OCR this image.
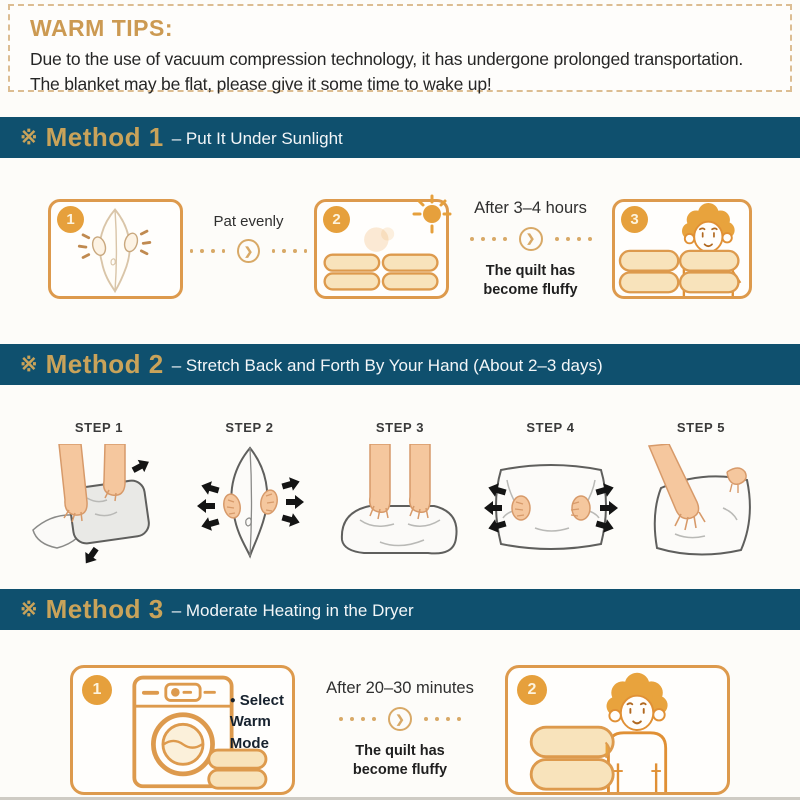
WARM TIPS:
Due to the use of vacuum compression technology, it has undergone prolonged transportation.
The blanket may be flat, please give it some time to wake up!
※ Method 1 – Put It Under Sunlight
1	Pat evenly
❯
2
After 3–4 hours
❯
The quilt has
become fluffy
3
※ Method 2 – Stretch Back and Forth By Your Hand (About 2–3 days)
STEP 1	STEP 2	STEP 3	STEP 4	STEP 5
※ Method 3 – Moderate Heating in the Dryer
1
● Select
Warm
Mode
After 20–30 minutes
❯
The quilt has
become fluffy
2
